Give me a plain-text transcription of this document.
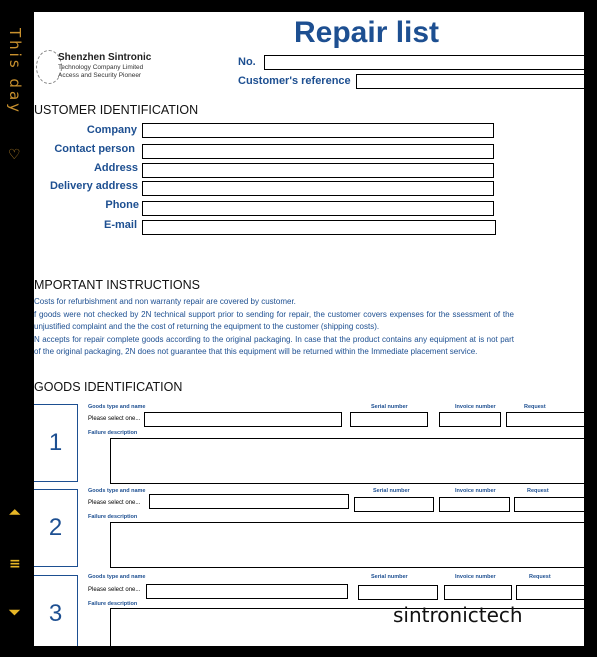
This day
♡
⏶
≡
⏷
Shenzhen Sintronic
Technology Company Limited
Access and Security Pioneer
Repair list
No.
Customer's reference
USTOMER IDENTIFICATION
Company
Contact person
Address
Delivery address
Phone
E-mail
MPORTANT INSTRUCTIONS
Costs for refurbishment and non warranty repair are covered by customer.
f goods were not checked by 2N technical support prior to sending for repair, the customer covers expenses for the ssessment of the unjustified complaint and the the cost of returning the equipment to the customer (shipping costs).
N accepts for repair complete goods according to the original packaging. In case that the product contains any equipment at is not part of the original packaging, 2N does not guarantee that this equipment will be returned within the Immediate placement service.
GOODS IDENTIFICATION
1
Goods type and name	Serial number	Invoice number	Request
Please select one...
Failure description
2
Goods type and name	Serial number	Invoice number	Request
Please select one...
Failure description
3
Goods type and name	Serial number	Invoice number	Request
Please select one...
Failure description	sintronictech
